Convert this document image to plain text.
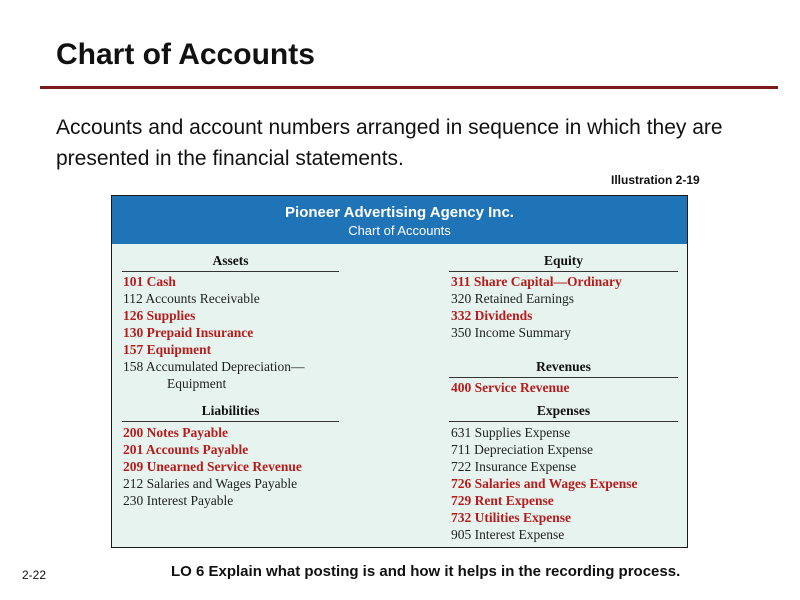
Chart of Accounts
Accounts and account numbers arranged in sequence in which they are presented in the financial statements.
Illustration 2-19
Pioneer Advertising Agency Inc.
Chart of Accounts
Assets
101 Cash
112 Accounts Receivable
126 Supplies
130 Prepaid Insurance
157 Equipment
158 Accumulated Depreciation—
Equipment
Liabilities
200 Notes Payable
201 Accounts Payable
209 Unearned Service Revenue
212 Salaries and Wages Payable
230 Interest Payable
Equity
311 Share Capital—Ordinary
320 Retained Earnings
332 Dividends
350 Income Summary
Revenues
400 Service Revenue
Expenses
631 Supplies Expense
711 Depreciation Expense
722 Insurance Expense
726 Salaries and Wages Expense
729 Rent Expense
732 Utilities Expense
905 Interest Expense
2-22	LO 6 Explain what posting is and how it helps in the recording process.
